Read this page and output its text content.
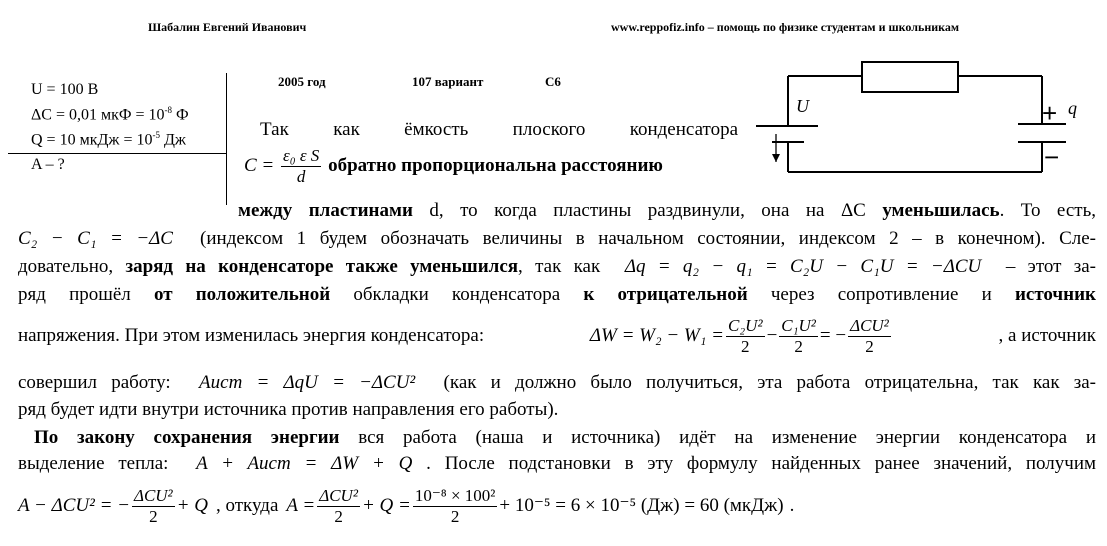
Шабалин Евгений Иванович	www.reppofiz.info – помощь по физике студентам и школьникам
U = 100 В
ΔC = 0,01 мкФ = $10^{-8}$ Ф
Q = 10 мкДж = $10^{-5}$ Дж
A – ?
2005 год	107 вариант	С6
U	+
−
q
Так как ёмкость плоского конденсатора
$C = \frac{\text{ε₀ ε S}}{d}$ обратно пропорциональна расстоянию
между пластинами d, то когда пластины раздвинули, она на ΔC уменьшилась. То есть,
C₂ − C₁ = −ΔC (индексом 1 будем обозначать величины в начальном состоянии, индексом 2 – в конечном). Сле-
довательно, заряд на конденсаторе также уменьшился, так как Δq = q₂ − q₁ = C₂U − C₁U = −ΔCU – этот за-
ряд прошёл от положительной обкладки конденсатора к отрицательной через сопротивление и источник
напряжения. При этом изменилась энергия конденсатора:	$\Delta W = W_2 - W_1 = \frac{\text{C₂U²}}{2} - \frac{\text{C₁U²}}{2}$ = − ΔCU²
2	, а источник
совершил работу: Aист = ΔqU = −ΔCU² (как и должно было получиться, эта работа отрицательна, так как за-
ряд будет идти внутри источника против направления его работы).
По закону сохранения энергии вся работа (наша и источника) идёт на изменение энергии конденсатора и
выделение тепла: A + Aист = ΔW + Q . После подстановки в эту формулу найденных ранее значений, получим
A − ΔCU² = − ΔCU²
2	+ Q , откуда A = ΔCU²
2	+ $Q = \frac{\text{10⁻⁸ × 100²}}{2} + 10^{-5} = 6 \times 10^{-5}$ (Дж) = 60 (мкДж) .
